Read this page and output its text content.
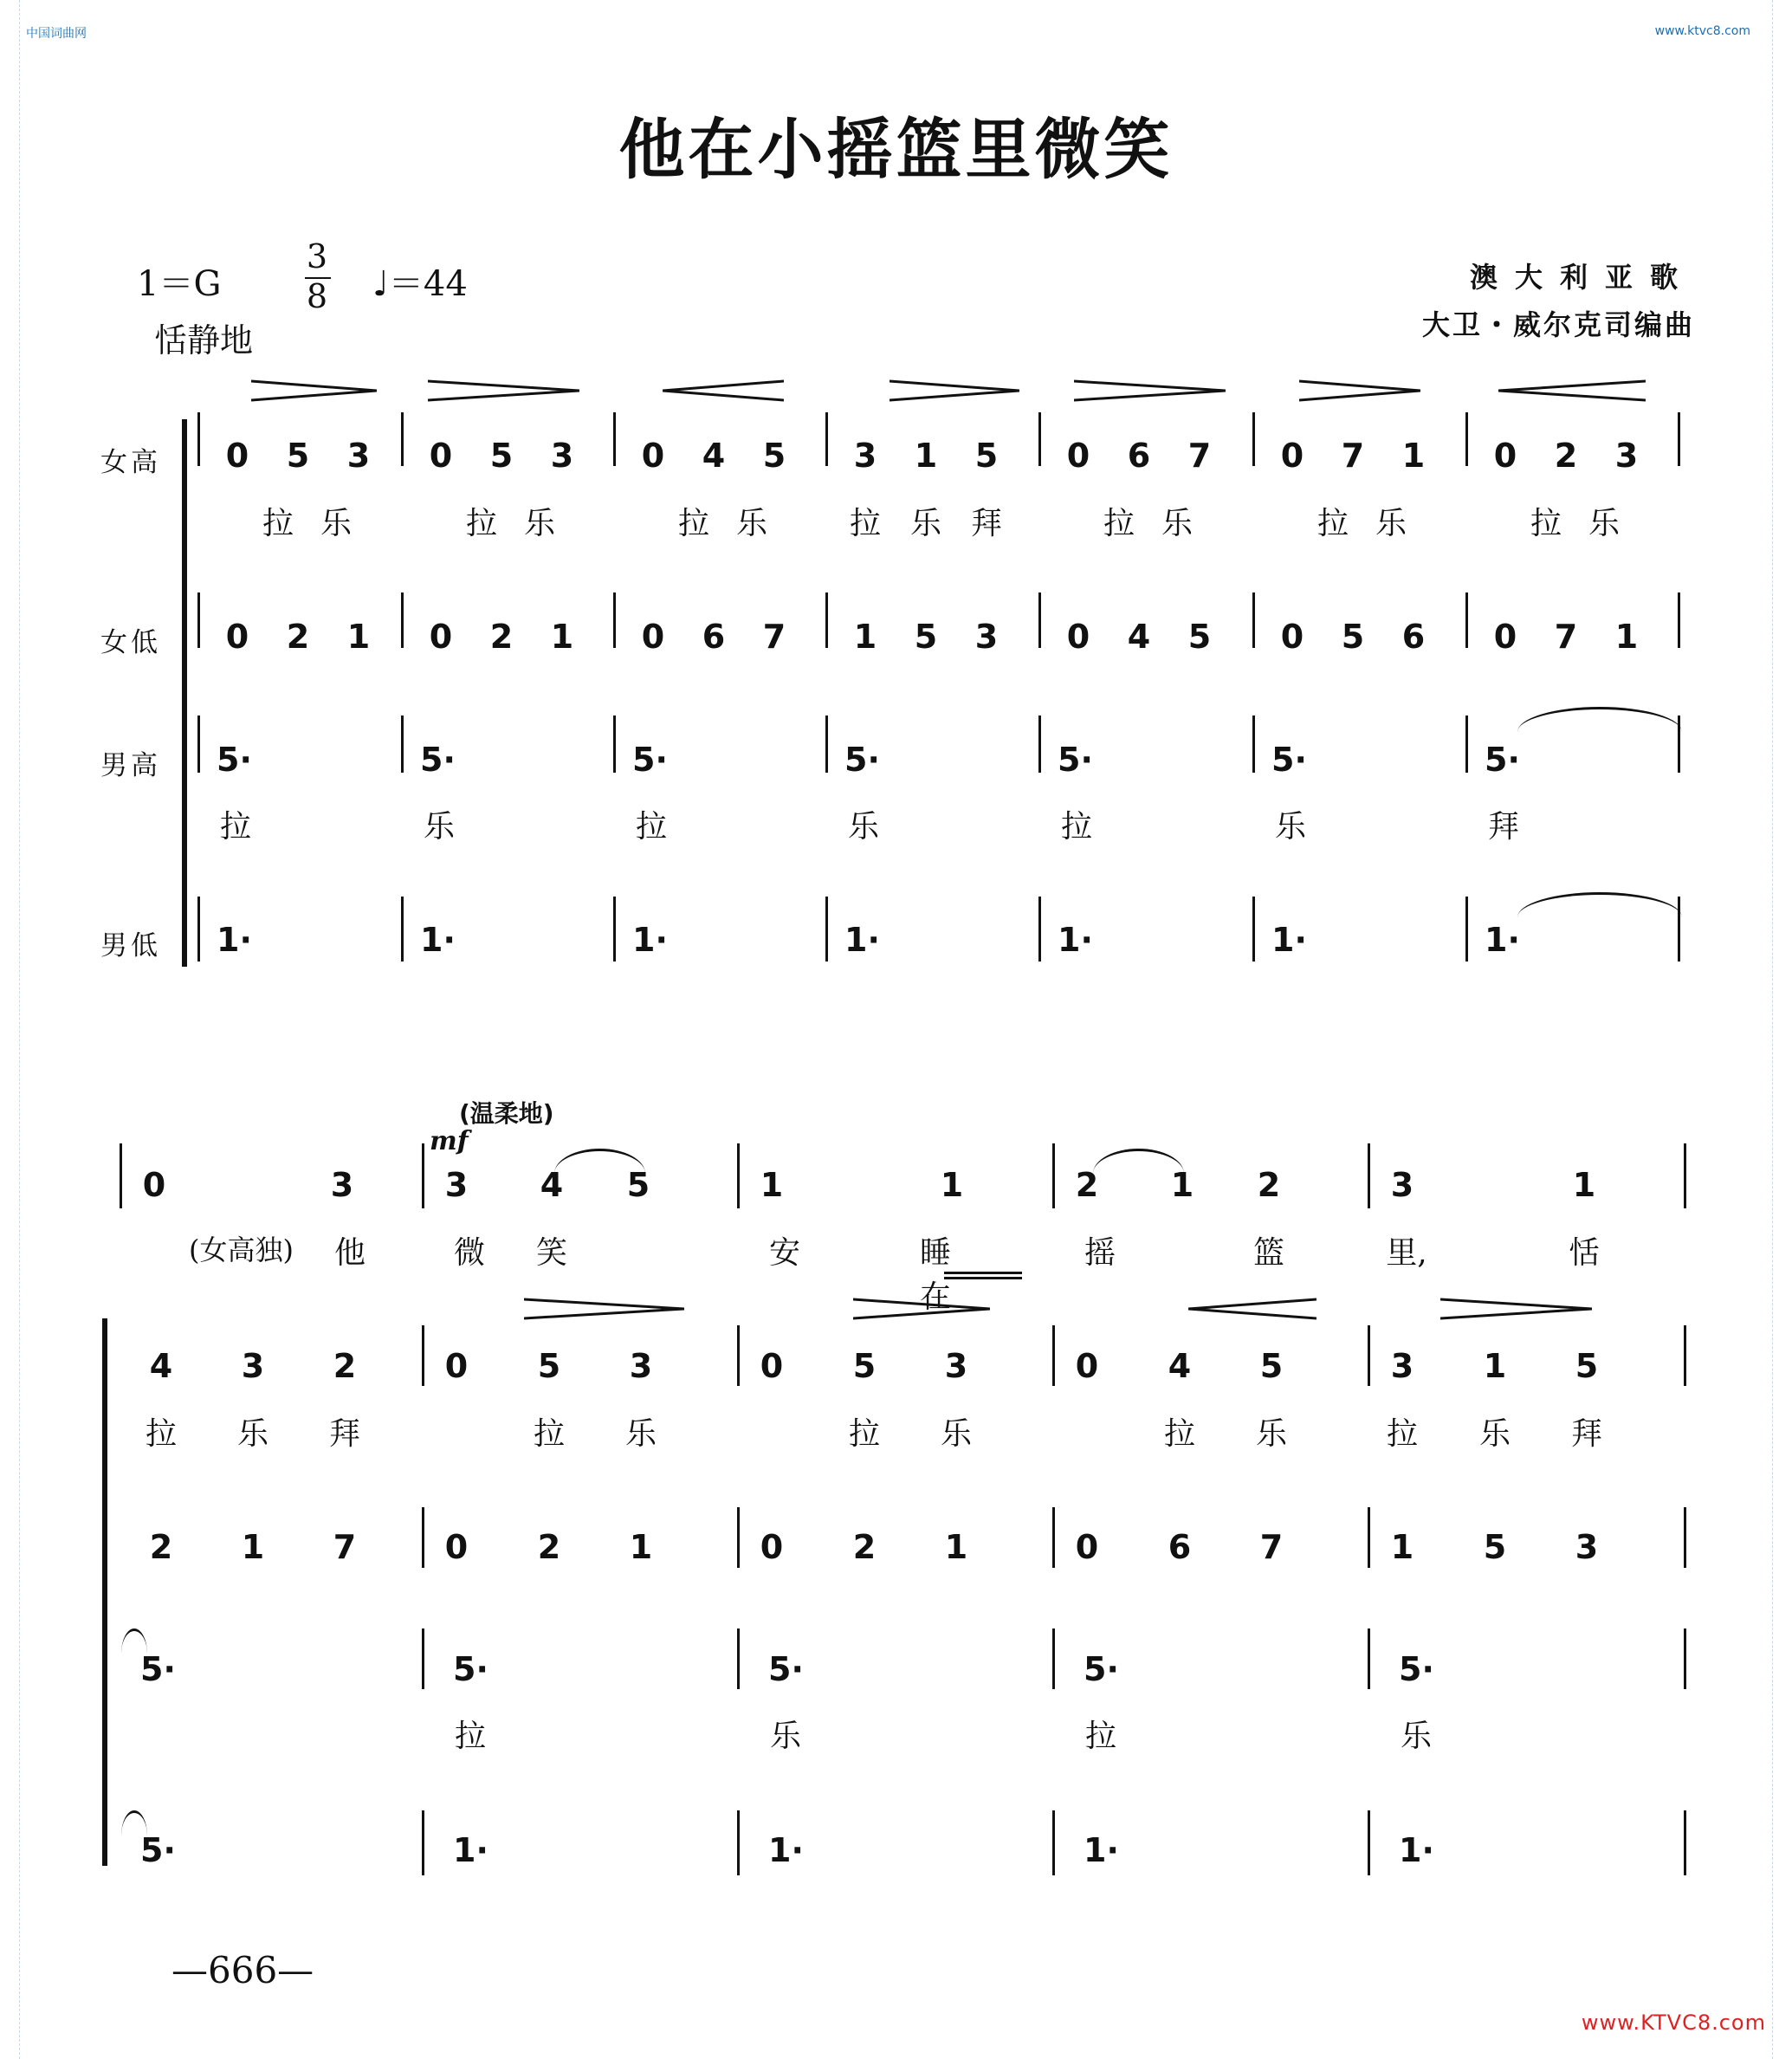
中国词曲网	www.ktvc8.com
www.KTVC8.com
他在小摇篮里微笑
1＝G
3
8 ♩＝44
恬静地
澳大利亚歌
大卫・威尔克司编曲
女高
女低
男高
男低
0 5 3
0 2 1
拉 乐
5·
拉
1·
0 5 3
0 2 1
拉 乐
5·
乐
1·
0 4 5
0 6 7
拉 乐
5·
拉
1·
3 1 5
1 5 3
拉 乐 拜
5·
乐
1·
0 6 7
0 4 5
拉 乐
5·
拉
1·
0 7 1
0 5 6
拉 乐
5·
乐
1·
0 2 3
0 7 1
拉 乐
5·
拜
1·
(温柔地)
mf
(女高独)
0	3
他
3 4 5
微	笑
1	1
安	睡在
2 1 2
摇	篮
3	1
里,	恬
4 3 2
2 1 7
拉	乐	拜
5·
5·
0 5 3
0 2 1
拉	乐
5·
拉
1·
0 5 3
0 2 1
拉	乐
5·
乐
1·
0 4 5
0 6 7
拉	乐
5·
拉
1·
3 1 5
1 5 3
拉	乐	拜
5·
乐
1·
—666—
